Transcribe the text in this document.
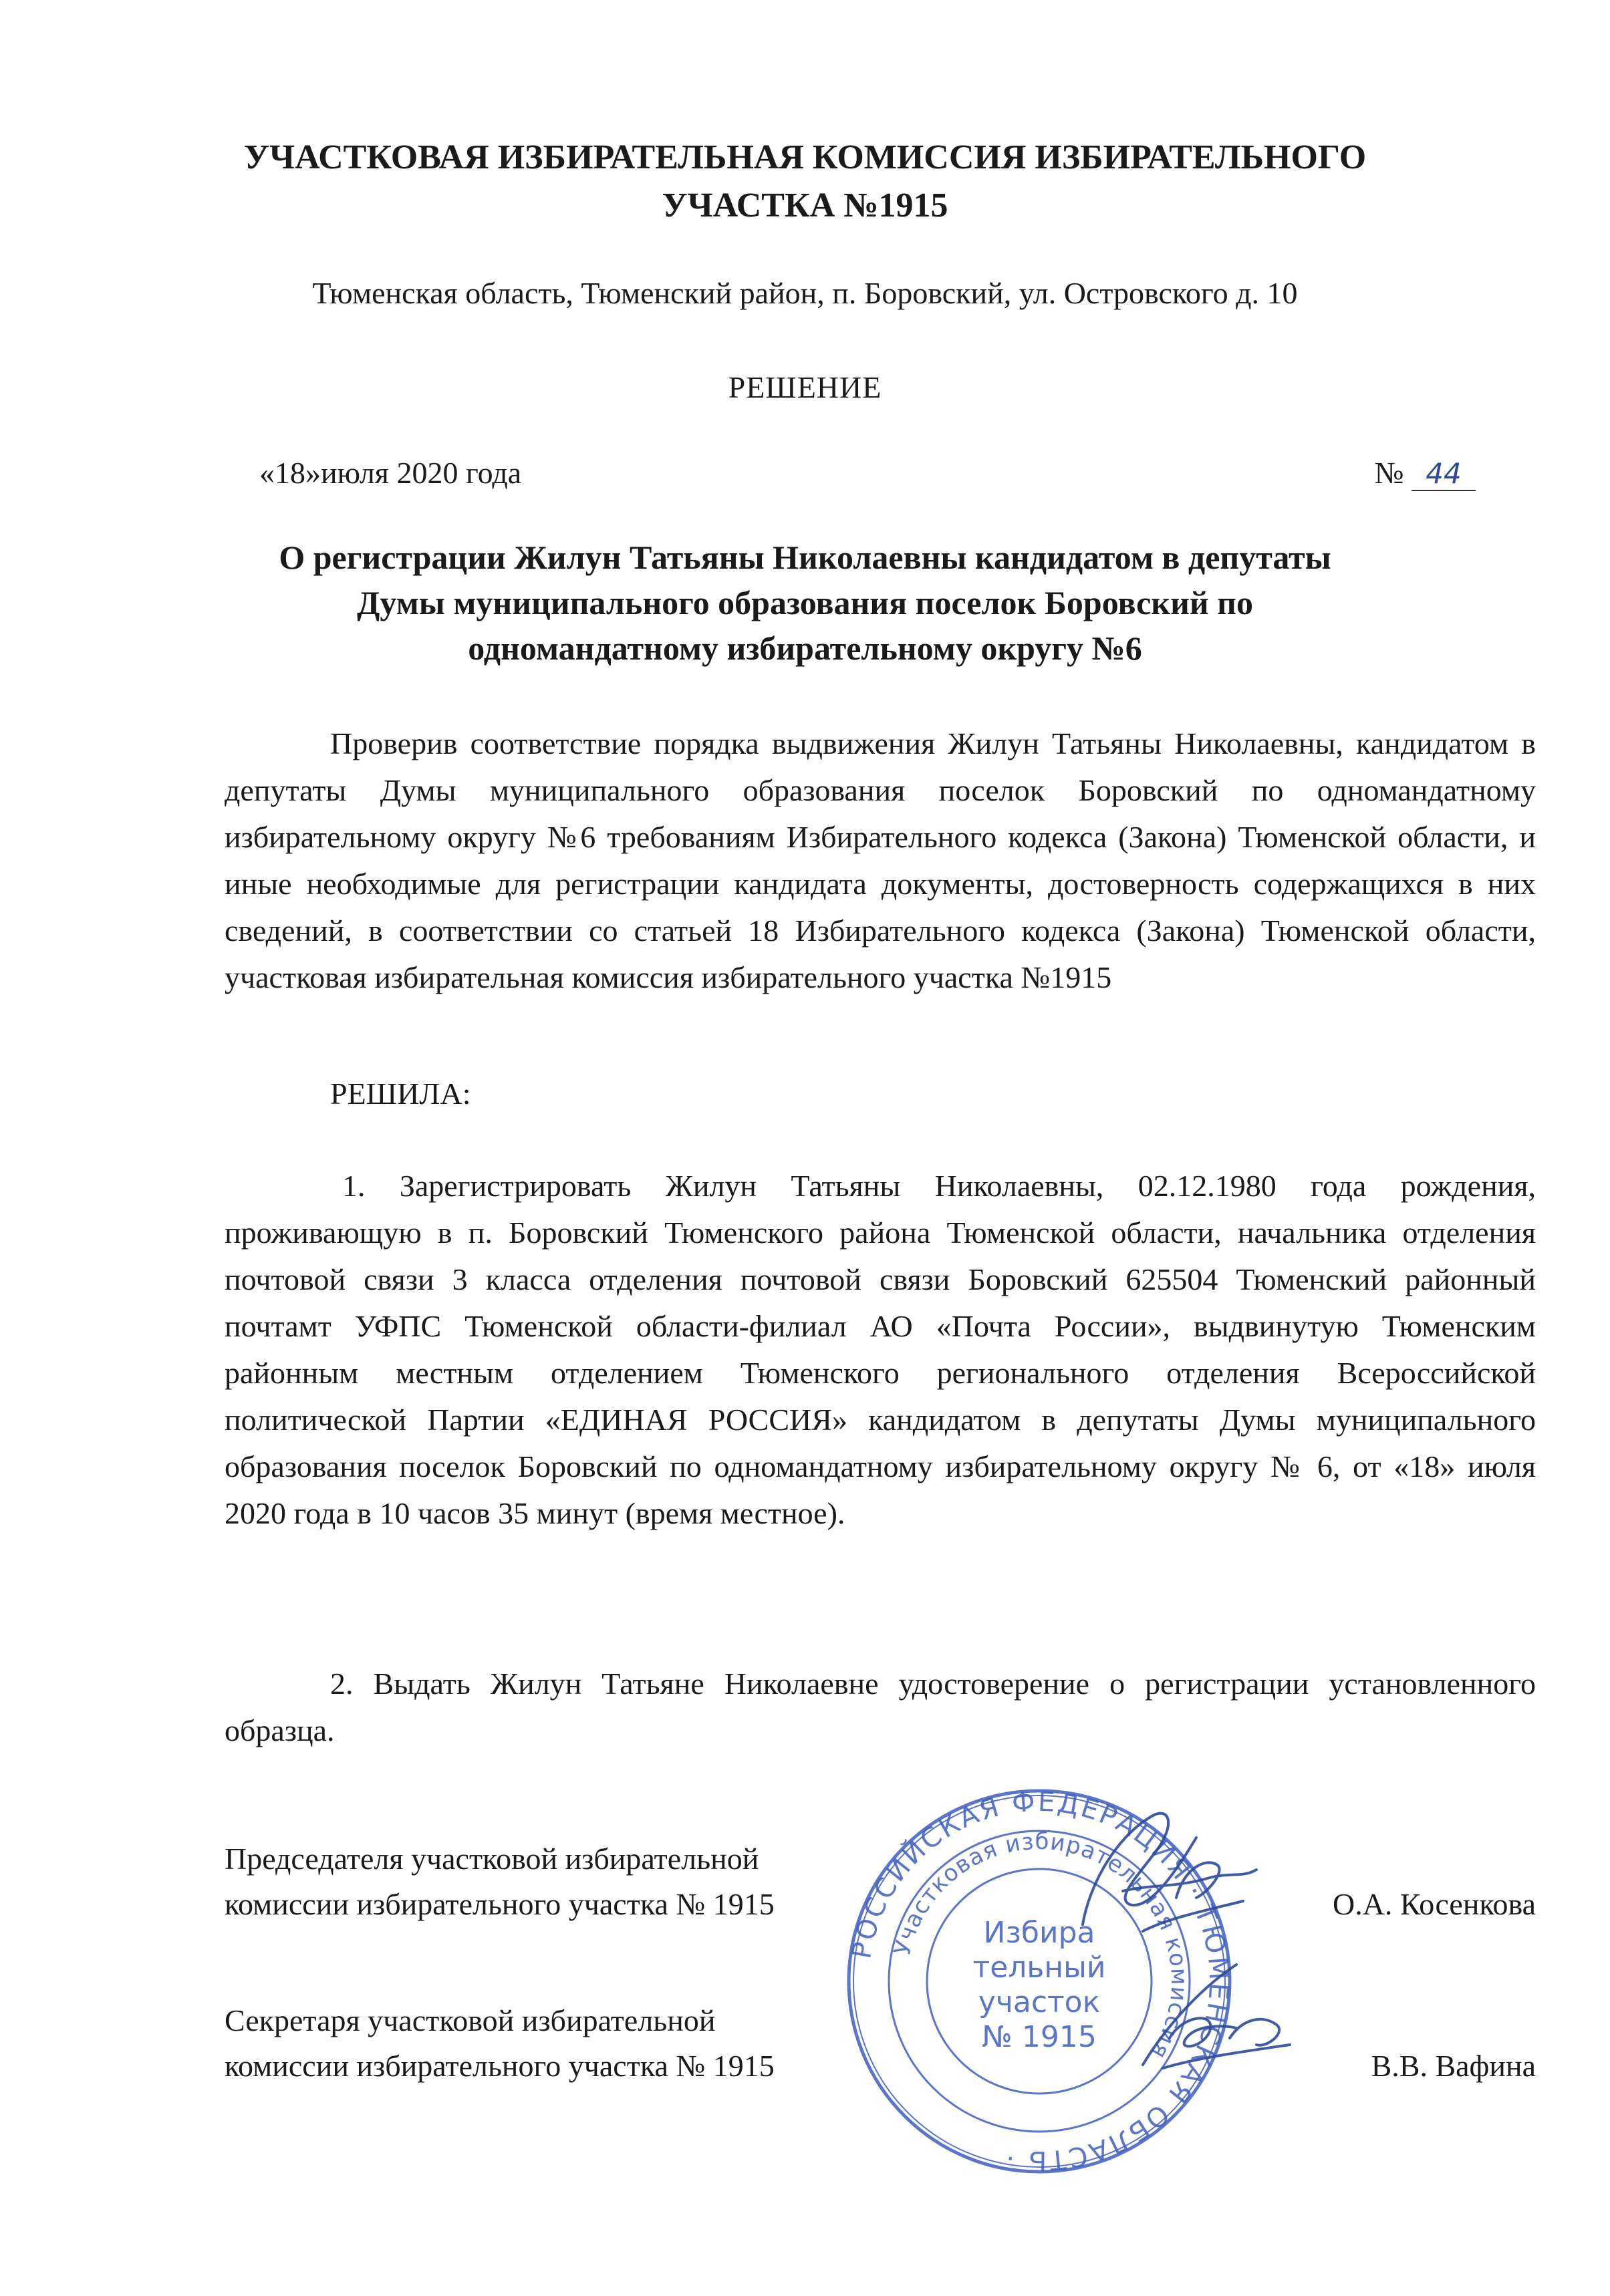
УЧАСТКОВАЯ ИЗБИРАТЕЛЬНАЯ КОМИССИЯ ИЗБИРАТЕЛЬНОГО
УЧАСТКА №1915
Тюменская область, Тюменский район, п. Боровский, ул. Островского д. 10
РЕШЕНИЕ
«18»июля 2020 года	№ 44
О регистрации Жилун Татьяны Николаевны кандидатом в депутаты
Думы муниципального образования поселок Боровский по
одномандатному избирательному округу №6
Проверив соответствие порядка выдвижения Жилун Татьяны Николаевны, кандидатом в депутаты Думы муниципального образования поселок Боровский по одномандатному избирательному округу №6 требованиям Избирательного кодекса (Закона) Тюменской области, и иные необходимые для регистрации кандидата документы, достоверность содержащихся в них сведений, в соответствии со статьей 18 Избирательного кодекса (Закона) Тюменской области, участковая избирательная комиссия избирательного участка №1915
РЕШИЛА:
1. Зарегистрировать Жилун Татьяны Николаевны, 02.12.1980 года рождения, проживающую в п. Боровский Тюменского района Тюменской области, начальника отделения почтовой связи 3 класса отделения почтовой связи Боровский 625504 Тюменский районный почтамт УФПС Тюменской области-филиал АО «Почта России», выдвинутую Тюменским районным местным отделением Тюменского регионального отделения Всероссийской политической Партии «ЕДИНАЯ РОССИЯ» кандидатом в депутаты Думы муниципального образования поселок Боровский по одномандатному избирательному округу № 6, от «18» июля 2020 года в 10 часов 35 минут (время местное).
2. Выдать Жилун Татьяне Николаевне удостоверение о регистрации установленного образца.
Председателя участковой избирательной
комиссии избирательного участка № 1915	О.А. Косенкова
Секретаря участковой избирательной
комиссии избирательного участка № 1915	В.В. Вафина
РОССИЙСКАЯ ФЕДЕРАЦИЯ · ТЮМЕНСКАЯ ОБЛАСТЬ ·
Участковая избирательная комиссия
Избира
тельный
участок
№ 1915
